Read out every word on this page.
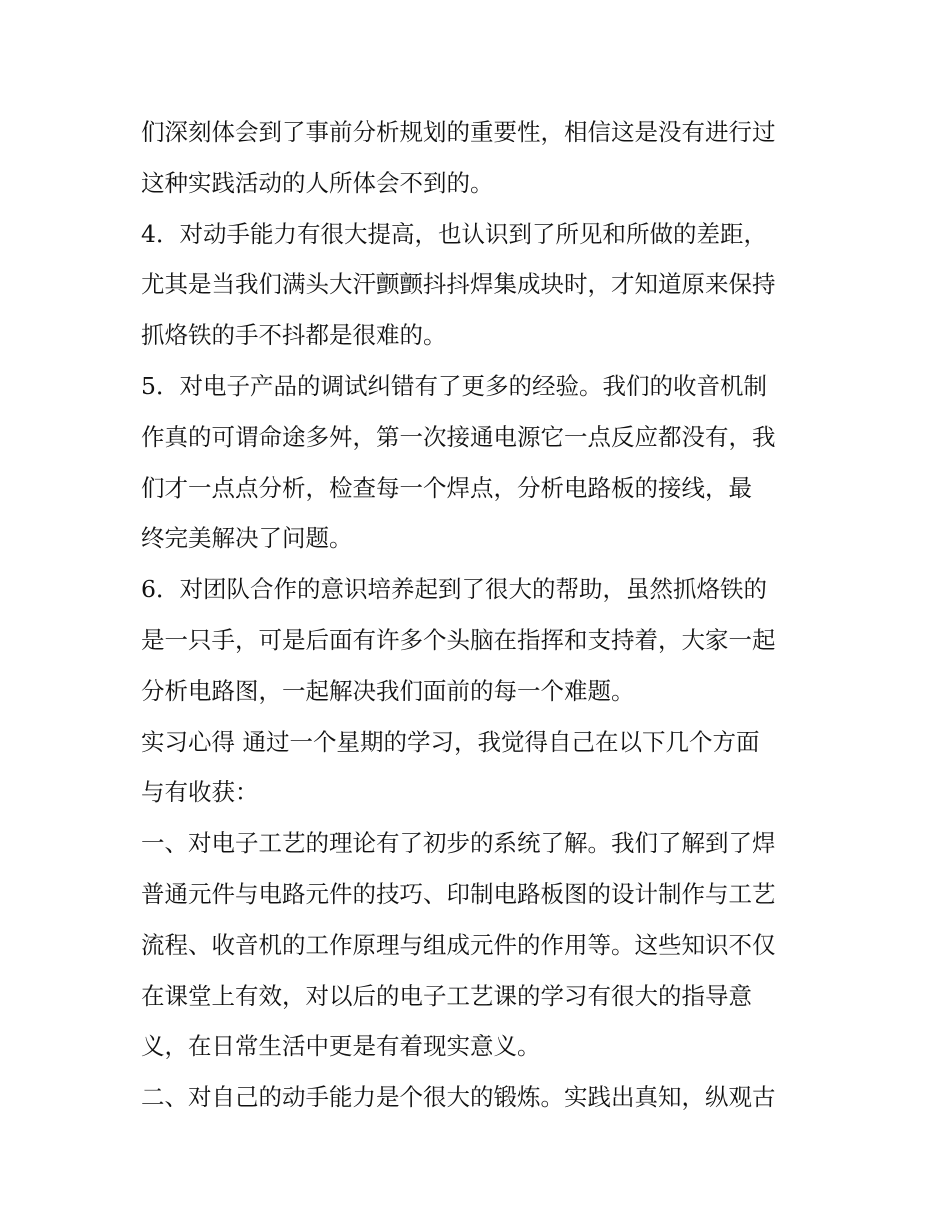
们深刻体会到了事前分析规划的重要性，相信这是没有进行过
这种实践活动的人所体会不到的。
4．对动手能力有很大提高，也认识到了所见和所做的差距，
尤其是当我们满头大汗颤颤抖抖焊集成块时，才知道原来保持
抓烙铁的手不抖都是很难的。
5．对电子产品的调试纠错有了更多的经验。我们的收音机制
作真的可谓命途多舛，第一次接通电源它一点反应都没有，我
们才一点点分析，检查每一个焊点，分析电路板的接线，最
终完美解决了问题。
6．对团队合作的意识培养起到了很大的帮助，虽然抓烙铁的
是一只手，可是后面有许多个头脑在指挥和支持着，大家一起
分析电路图，一起解决我们面前的每一个难题。
实习心得 通过一个星期的学习，我觉得自己在以下几个方面
与有收获：
一、对电子工艺的理论有了初步的系统了解。我们了解到了焊
普通元件与电路元件的技巧、印制电路板图的设计制作与工艺
流程、收音机的工作原理与组成元件的作用等。这些知识不仅
在课堂上有效，对以后的电子工艺课的学习有很大的指导意
义，在日常生活中更是有着现实意义。
二、对自己的动手能力是个很大的锻炼。实践出真知，纵观古
